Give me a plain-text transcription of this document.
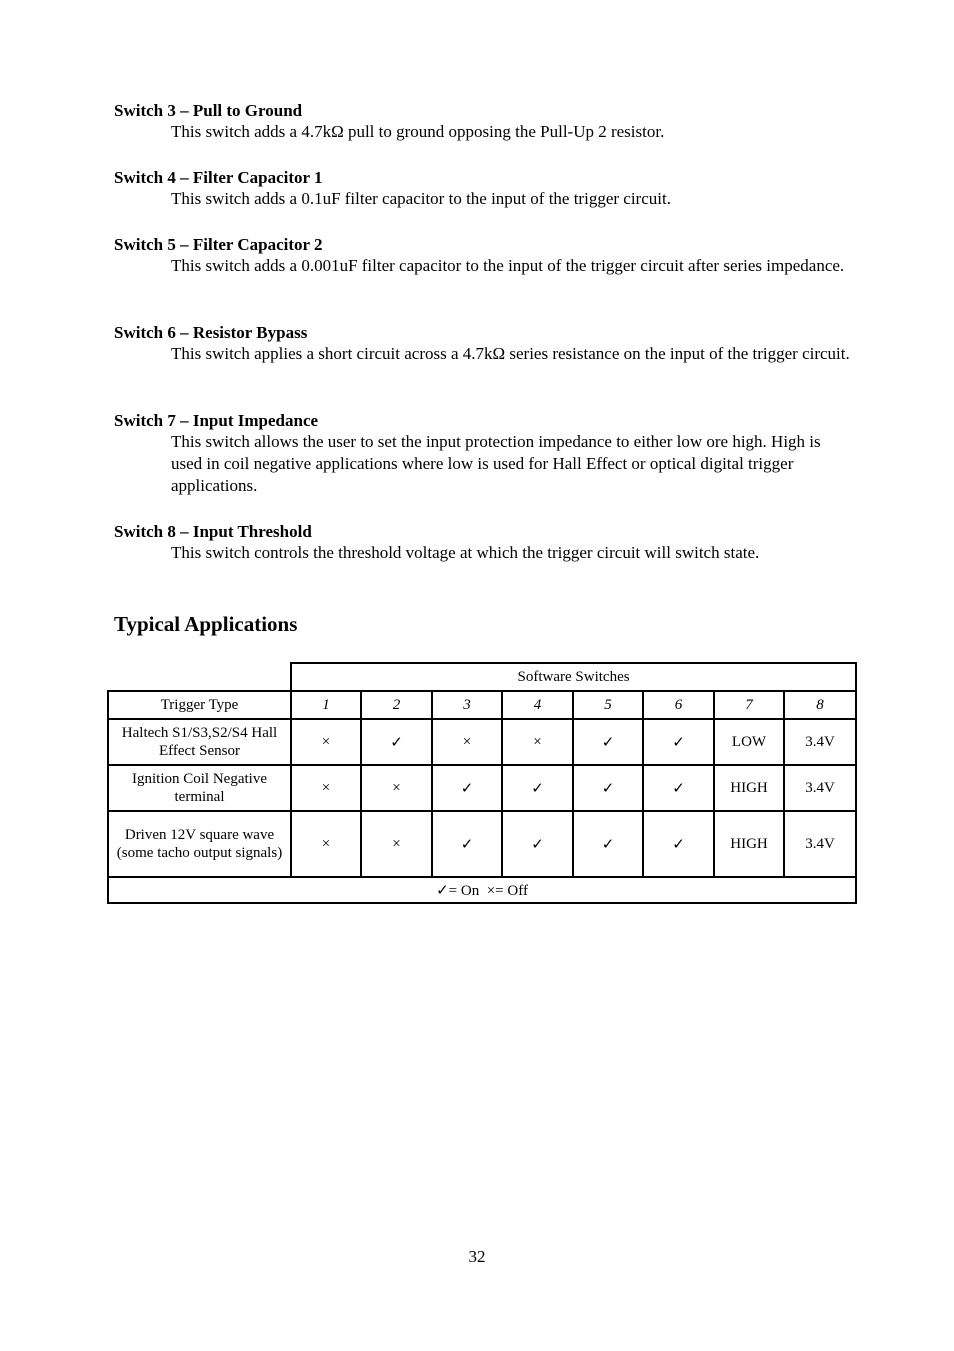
Switch 3 – Pull to Ground

This switch adds a 4.7kΩ pull to ground opposing the Pull-Up 2 resistor.

Switch 4 – Filter Capacitor 1

This switch adds a 0.1uF filter capacitor to the input of the trigger circuit.

Switch 5 – Filter Capacitor 2

This switch adds a 0.001uF filter capacitor to the input of the trigger circuit after series impedance.

Switch 6 – Resistor Bypass

This switch applies a short circuit across a 4.7kΩ series resistance on the input of the trigger circuit.

Switch 7 – Input Impedance

This switch allows the user to set the input protection impedance to either low ore high. High is used in coil negative applications where low is used for Hall Effect or optical digital trigger applications.

Switch 8 – Input Threshold

This switch controls the threshold voltage at which the trigger circuit will switch state.

Typical Applications
	Software Switches							
Trigger Type	1	2	3	4	5	6	7	8
Haltech S1/S3,S2/S4 Hall Effect Sensor	×	✓	×	×	✓	✓	LOW	3.4V
Ignition Coil Negative terminal	×	×	✓	✓	✓	✓	HIGH	3.4V
Driven 12V square wave (some tacho output signals)	×	×	✓	✓	✓	✓	HIGH	3.4V
✓= On  ×= Off								
32
